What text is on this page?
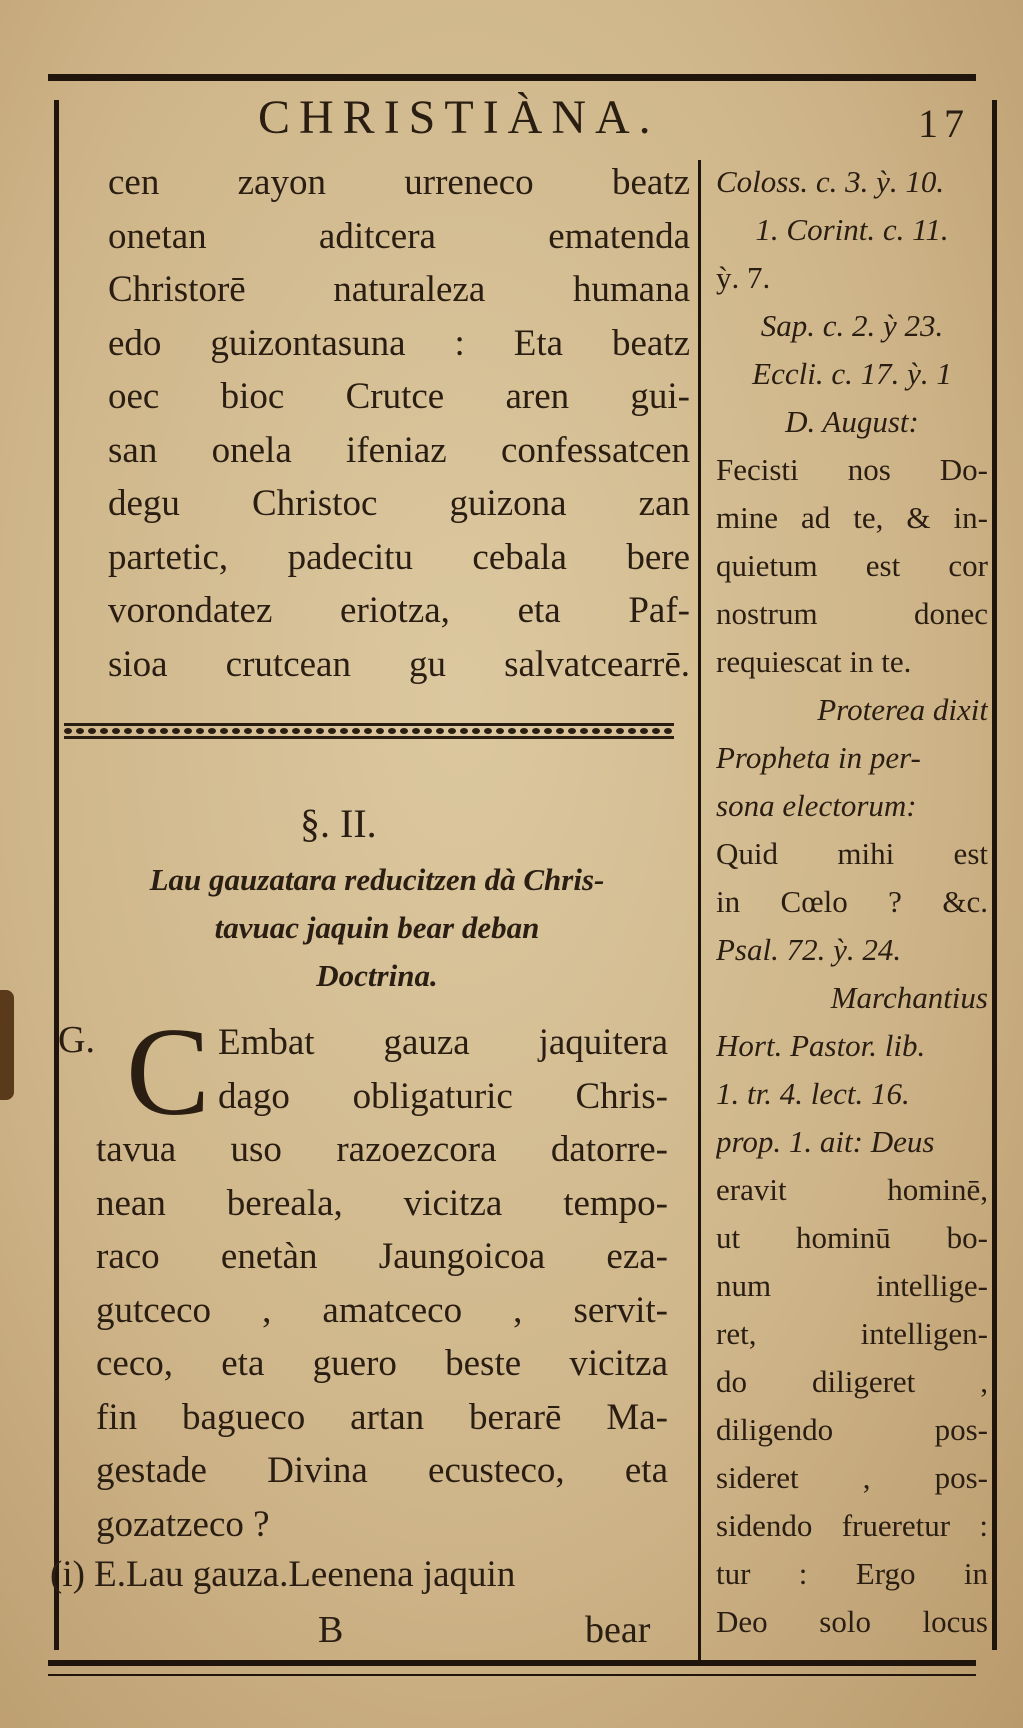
CHRISTIÀNA.	17
cen zayon urreneco beatz
onetan aditcera ematenda
Christorē naturaleza humana
edo guizontasuna : Eta beatz
oec bioc Crutce aren gui-
san onela ifeniaz confessatcen
degu Christoc guizona zan
partetic, padecitu cebala bere
vorondatez eriotza, eta Paf-
sioa crutcean gu salvatcearrē.
§. II.
Lau gauzatara reducitzen dà Chris-
tavuac jaquin bear deban
Doctrina.
G. C Embat gauza jaquitera
dago obligaturic Chris-
tavua uso razoezcora datorre-
nean bereala, vicitza tempo-
raco enetàn Jaungoicoa eza-
gutceco , amatceco , servit-
ceco, eta guero beste vicitza
fin bagueco artan berarē Ma-
gestade Divina ecusteco, eta
gozatzeco ?
(i) E.Lau gauza.Leenena jaquin
B	bear
Coloss. c. 3. ỳ. 10.
1. Corint. c. 11.
ỳ. 7.
Sap. c. 2. ỳ 23.
Eccli. c. 17. ỳ. 1
D. August:
Fecisti nos Do-
mine ad te, & in-
quietum est cor
nostrum donec
requiescat in te.
Proterea dixit
Propheta in per-
sona electorum:
Quid mihi est
in Cœlo ? &c.
Psal. 72. ỳ. 24.
Marchantius
Hort. Pastor. lib.
1. tr. 4. lect. 16.
prop. 1. ait: Deus
eravit hominē,
ut hominū bo-
num intellige-
ret, intelligen-
do diligeret ,
diligendo pos-
sideret , pos-
sidendo frueretur :
tur : Ergo in
Deo solo locus
